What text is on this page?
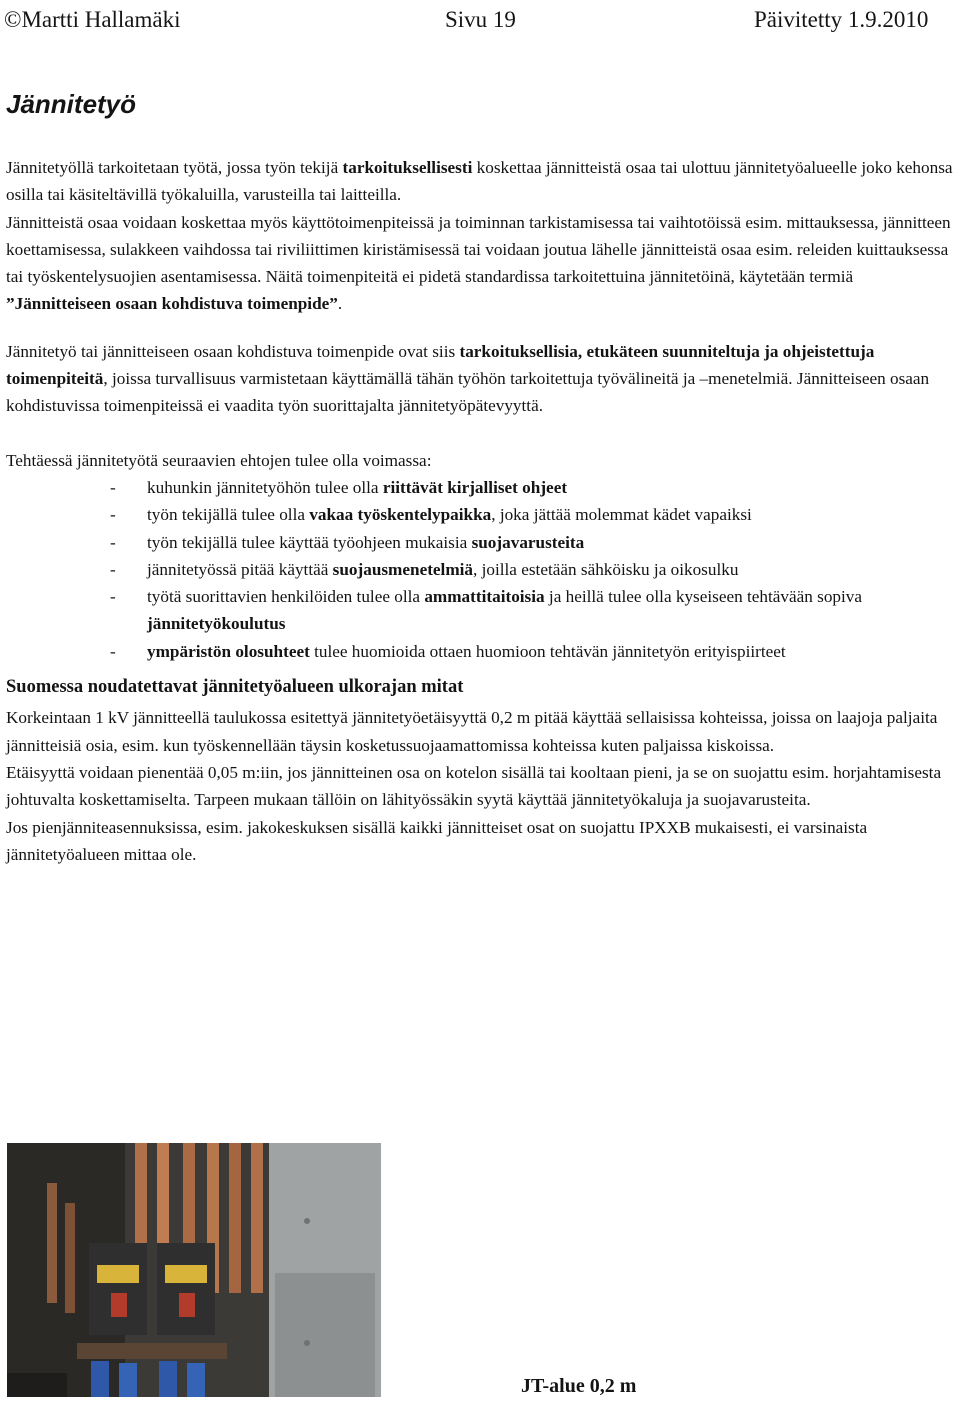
©Martti Hallamäki	Sivu 19	Päivitetty 1.9.2010
Jännitetyö

Jännitetyöllä tarkoitetaan työtä, jossa työn tekijä tarkoituksellisesti koskettaa jännitteistä osaa tai ulottuu jännitetyöalueelle joko kehonsa osilla tai käsiteltävillä työkaluilla, varusteilla tai laitteilla.

Jännitteistä osaa voidaan koskettaa myös käyttötoimenpiteissä ja toiminnan tarkistamisessa tai vaihtotöissä esim. mittauksessa, jännitteen koettamisessa, sulakkeen vaihdossa tai riviliittimen kiristämisessä tai voidaan joutua lähelle jännitteistä osaa esim. releiden kuittauksessa tai työskentelysuojien asentamisessa. Näitä toimenpiteitä ei pidetä standardissa tarkoitettuina jännitetöinä, käytetään termiä ”Jännitteiseen osaan kohdistuva toimenpide”.

Jännitetyö tai jännitteiseen osaan kohdistuva toimenpide ovat siis tarkoituksellisia, etukäteen suunniteltuja ja ohjeistettuja toimenpiteitä, joissa turvallisuus varmistetaan käyttämällä tähän työhön tarkoitettuja työvälineitä ja –menetelmiä. Jännitteiseen osaan kohdistuvissa toimenpiteissä ei vaadita työn suorittajalta jännitetyöpätevyyttä.

Tehtäessä jännitetyötä seuraavien ehtojen tulee olla voimassa:

- kuhunkin jännitetyöhön tulee olla riittävät kirjalliset ohjeet
- työn tekijällä tulee olla vakaa työskentelypaikka, joka jättää molemmat kädet vapaiksi
- työn tekijällä tulee käyttää työohjeen mukaisia suojavarusteita
- jännitetyössä pitää käyttää suojausmenetelmiä, joilla estetään sähköisku ja oikosulku
- työtä suorittavien henkilöiden tulee olla ammattitaitoisia ja heillä tulee olla kyseiseen tehtävään sopiva jännitetyökoulutus
- ympäristön olosuhteet tulee huomioida ottaen huomioon tehtävän jännitetyön erityispiirteet

Suomessa noudatettavat jännitetyöalueen ulkorajan mitat

Korkeintaan 1 kV jännitteellä taulukossa esitettyä jännitetyöetäisyyttä 0,2 m pitää käyttää sellaisissa kohteissa, joissa on laajoja paljaita jännitteisiä osia, esim. kun työskennellään täysin kosketussuojaamattomissa kohteissa kuten paljaissa kiskoissa.

Etäisyyttä voidaan pienentää 0,05 m:iin, jos jännitteinen osa on kotelon sisällä tai kooltaan pieni, ja se on suojattu esim. horjahtamisesta johtuvalta koskettamiselta. Tarpeen mukaan tällöin on lähityössäkin syytä käyttää jännitetyökaluja ja suojavarusteita.

Jos pienjänniteasennuksissa, esim. jakokeskuksen sisällä kaikki jännitteiset osat on suojattu IPXXB mukaisesti, ei varsinaista jännitetyöalueen mittaa ole.

JT-alue 0,2 m
